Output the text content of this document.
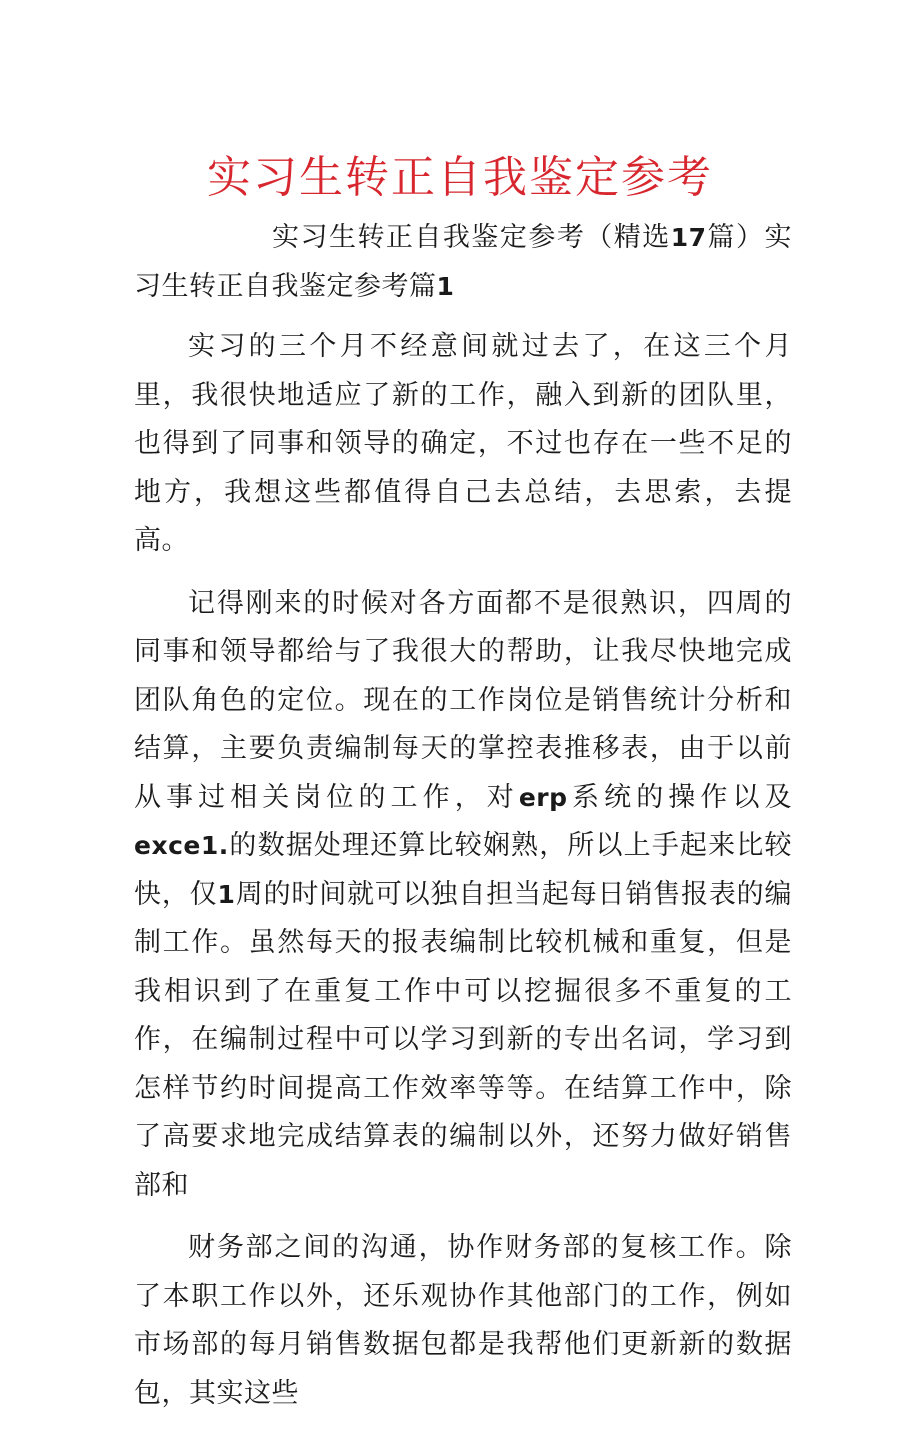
实习生转正自我鉴定参考

实习生转正自我鉴定参考（精选17篇）实习生转正自我鉴定参考篇1

实习的三个月不经意间就过去了，在这三个月里，我很快地适应了新的工作，融入到新的团队里，也得到了同事和领导的确定，不过也存在一些不足的地方，我想这些都值得自己去总结，去思索，去提高。

记得刚来的时候对各方面都不是很熟识，四周的同事和领导都给与了我很大的帮助，让我尽快地完成团队角色的定位。现在的工作岗位是销售统计分析和结算，主要负责编制每天的掌控表推移表，由于以前从事过相关岗位的工作，对erp系统的操作以及exce1.的数据处理还算比较娴熟，所以上手起来比较快，仅1周的时间就可以独自担当起每日销售报表的编制工作。虽然每天的报表编制比较机械和重复，但是我相识到了在重复工作中可以挖掘很多不重复的工作，在编制过程中可以学习到新的专出名词，学习到怎样节约时间提高工作效率等等。在结算工作中，除了高要求地完成结算表的编制以外，还努力做好销售部和

财务部之间的沟通，协作财务部的复核工作。除了本职工作以外，还乐观协作其他部门的工作，例如市场部的每月销售数据包都是我帮他们更新新的数据包，其实这些
